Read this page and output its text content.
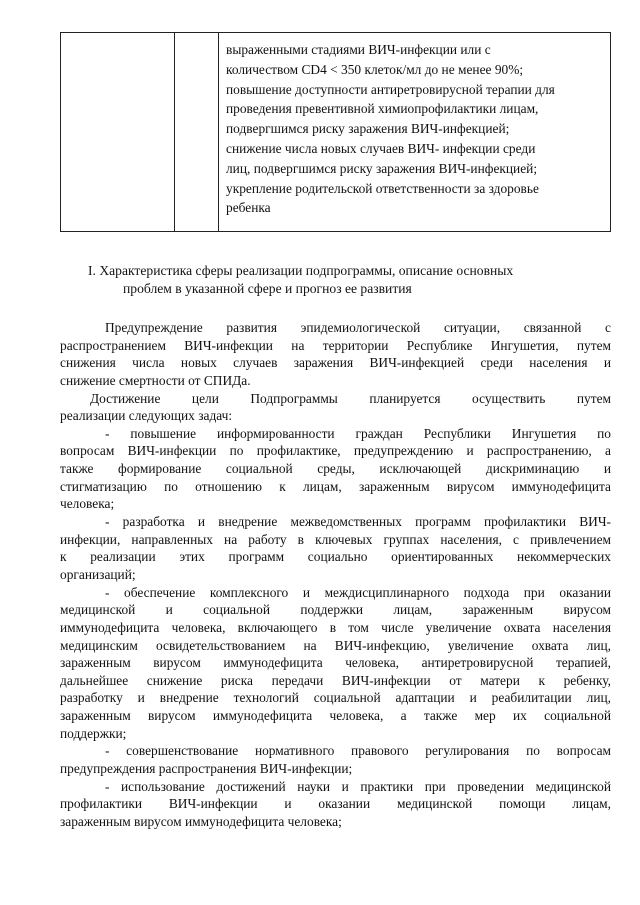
выраженными стадиями ВИЧ-инфекции или с
количеством CD4 < 350 клеток/мл до не менее 90%;
повышение доступности антиретровирусной терапии для
проведения превентивной химиопрофилактики лицам,
подвергшимся риску заражения ВИЧ-инфекцией;
снижение числа новых случаев ВИЧ- инфекции среди
лиц, подвергшимся риску заражения ВИЧ-инфекцией;
укрепление родительской ответственности за здоровье
ребенка
I. Характеристика сферы реализации подпрограммы, описание основных
проблем в указанной сфере и прогноз ее развития
Предупреждение развития эпидемиологической ситуации, связанной с
распространением ВИЧ-инфекции на территории Республике Ингушетия, путем
снижения числа новых случаев заражения ВИЧ-инфекцией среди населения и
снижение смертности от СПИДа.
Достижение цели Подпрограммы планируется осуществить путем
реализации следующих задач:
- повышение информированности граждан Республики Ингушетия по
вопросам ВИЧ-инфекции по профилактике, предупреждению и распространению, а
также формирование социальной среды, исключающей дискриминацию и
стигматизацию по отношению к лицам, зараженным вирусом иммунодефицита
человека;
- разработка и внедрение межведомственных программ профилактики ВИЧ-
инфекции, направленных на работу в ключевых группах населения, с привлечением
к реализации этих программ социально ориентированных некоммерческих
организаций;
- обеспечение комплексного и междисциплинарного подхода при оказании
медицинской и социальной поддержки лицам, зараженным вирусом
иммунодефицита человека, включающего в том числе увеличение охвата населения
медицинским освидетельствованием на ВИЧ-инфекцию, увеличение охвата лиц,
зараженным вирусом иммунодефицита человека, антиретровирусной терапией,
дальнейшее снижение риска передачи ВИЧ-инфекции от матери к ребенку,
разработку и внедрение технологий социальной адаптации и реабилитации лиц,
зараженным вирусом иммунодефицита человека, а также мер их социальной
поддержки;
- совершенствование нормативного правового регулирования по вопросам
предупреждения распространения ВИЧ-инфекции;
- использование достижений науки и практики при проведении медицинской
профилактики ВИЧ-инфекции и оказании медицинской помощи лицам,
зараженным вирусом иммунодефицита человека;
